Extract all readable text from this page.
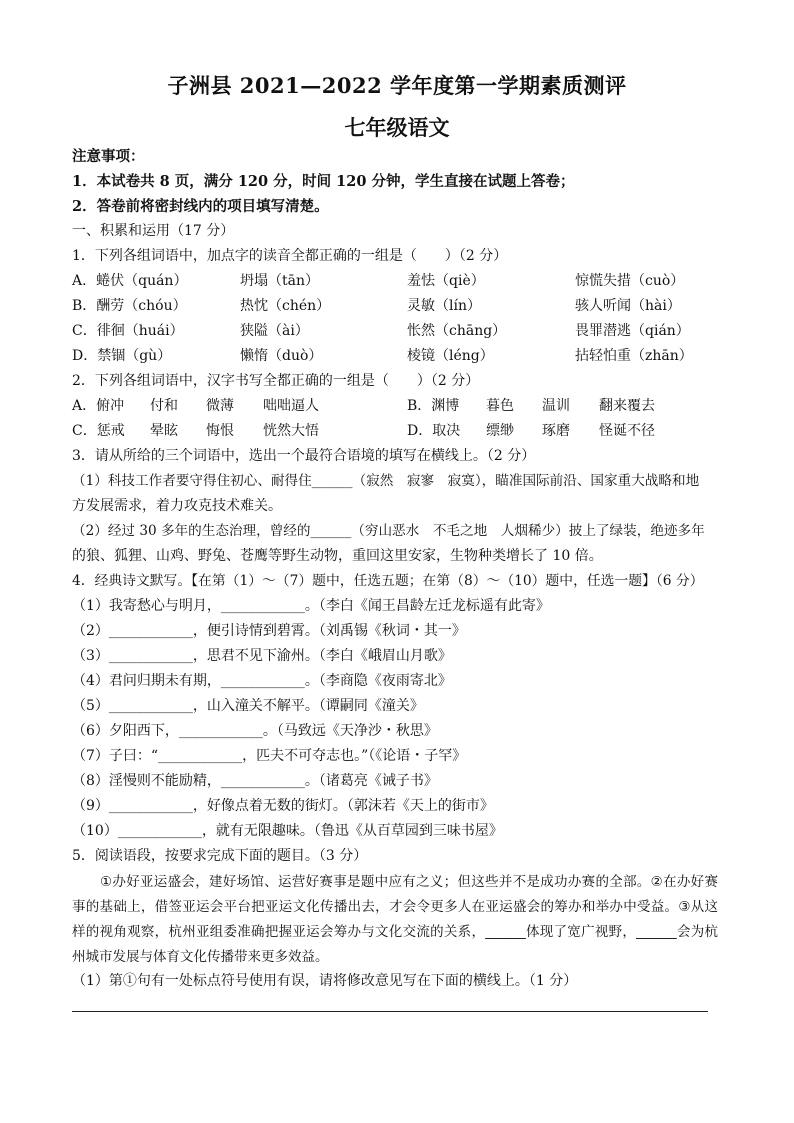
子洲县 2021—2022 学年度第一学期素质测评
七年级语文
注意事项：
1．本试卷共 8 页，满分 120 分，时间 120 分钟，学生直接在试题上答卷；
2．答卷前将密封线内的项目填写清楚。
一、积累和运用（17 分）
1．下列各组词语中，加点字的读音全都正确的一组是（　　）（2 分）
A．蜷伏（quán）	坍塌（tān）	羞怯（qiè）	惊慌失措（cuò）
B．酬劳（chóu）	热忱（chén）	灵敏（lín）	骇人听闻（hài）
C．徘徊（huái）	狭隘（ài）	怅然（chāng）	畏罪潜逃（qián）
D．禁锢（gù）	懒惰（duò）	棱镜（léng）	拈轻怕重（zhān）
2．下列各组词语中，汉字书写全都正确的一组是（　　）（2 分）
A．俯冲 付和 微薄 咄咄逼人	B．渊博 暮色 温训 翻来覆去
C．惩戒 晕眩 悔恨 恍然大悟	D．取决 缥缈 琢磨 怪诞不径
3．请从所给的三个词语中，选出一个最符合语境的填写在横线上。（2 分）
（1）科技工作者要守得住初心、耐得住______（寂然　寂寥　寂寞），瞄准国际前沿、国家重大战略和地
方发展需求，着力攻克技术难关。
（2）经过 30 多年的生态治理，曾经的______（穷山恶水　不毛之地　人烟稀少）披上了绿装，绝迹多年
的狼、狐狸、山鸡、野兔、苍鹰等野生动物，重回这里安家，生物种类增长了 10 倍。
4．经典诗文默写。【在第（1）～（7）题中，任选五题；在第（8）～（10）题中，任选一题】（6 分）
（1）我寄愁心与明月，____________。（李白《闻王昌龄左迁龙标遥有此寄》
（2）____________，便引诗情到碧霄。（刘禹锡《秋词・其一》
（3）____________，思君不见下渝州。（李白《峨眉山月歌》
（4）君问归期未有期，____________。（李商隐《夜雨寄北》
（5）____________，山入潼关不解平。（谭嗣同《潼关》
（6）夕阳西下，____________。（马致远《天净沙・秋思》
（7）子曰：“____________，匹夫不可夺志也。”（《论语・子罕》
（8）淫慢则不能励精，____________。（诸葛亮《诫子书》
（9）____________，好像点着无数的街灯。（郭沫若《天上的街市》
（10）____________，就有无限趣味。（鲁迅《从百草园到三味书屋》
5．阅读语段，按要求完成下面的题目。（3 分）

①办好亚运盛会，建好场馆、运营好赛事是题中应有之义；但这些并不是成功办赛的全部。②在办好赛事的基础上，借签亚运会平台把亚运文化传播出去，才会令更多人在亚运盛会的筹办和举办中受益。③从这样的视角观察，杭州亚组委准确把握亚运会筹办与文化交流的关系，______体现了宽广视野，______会为杭州城市发展与体育文化传播带来更多效益。

（1）第①句有一处标点符号使用有误，请将修改意见写在下面的横线上。（1 分）
